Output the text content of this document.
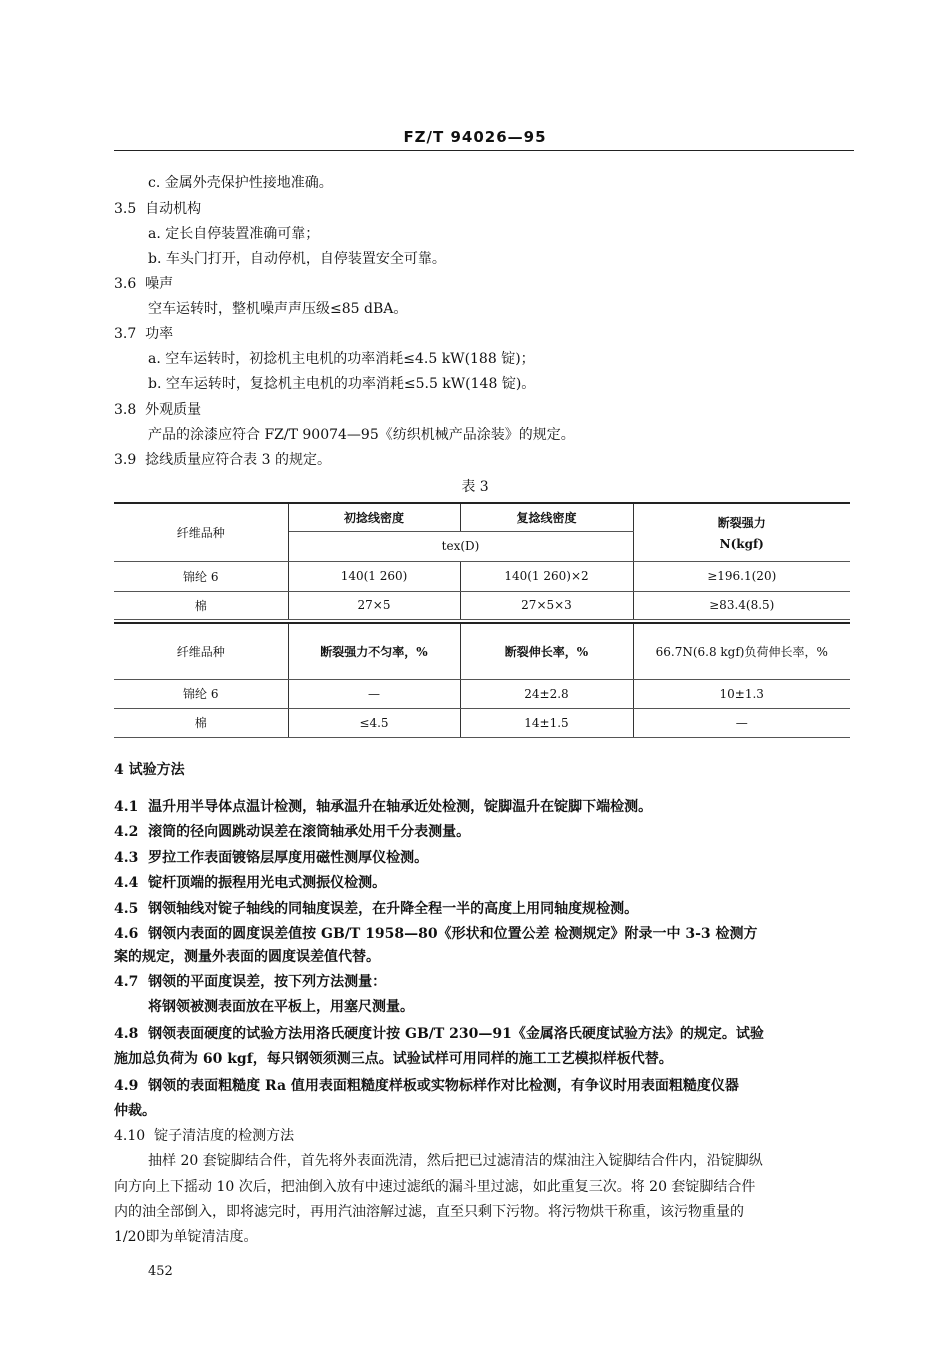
FZ/T 94026—95
c. 金属外壳保护性接地准确。
3.5 自动机构
a. 定长自停装置准确可靠；
b. 车头门打开，自动停机，自停装置安全可靠。
3.6 噪声
空车运转时，整机噪声声压级≤85 dBA。
3.7 功率
a. 空车运转时，初捻机主电机的功率消耗≤4.5 kW(188 锭)；
b. 空车运转时，复捻机主电机的功率消耗≤5.5 kW(148 锭)。
3.8 外观质量
产品的涂漆应符合 FZ/T 90074—95《纺织机械产品涂装》的规定。
3.9 捻线质量应符合表 3 的规定。
表 3
纤维品种	初捻线密度	复捻线密度	断裂强力
N(kgf)

	tex(D)		
锦纶 6	140(1 260)	140(1 260)×2	≥196.1(20)
棉	27×5	27×5×3	≥83.4(8.5)
纤维品种	断裂强力不匀率，%	断裂伸长率，%	66.7N(6.8 kgf)负荷伸长率，%
锦纶 6	—	24±2.8	10±1.3
棉	≤4.5	14±1.5	—
4 试验方法
4.1 温升用半导体点温计检测，轴承温升在轴承近处检测，锭脚温升在锭脚下端检测。
4.2 滚筒的径向圆跳动误差在滚筒轴承处用千分表测量。
4.3 罗拉工作表面镀铬层厚度用磁性测厚仪检测。
4.4 锭杆顶端的振程用光电式测振仪检测。
4.5 钢领轴线对锭子轴线的同轴度误差，在升降全程一半的高度上用同轴度规检测。
4.6 钢领内表面的圆度误差值按 GB/T 1958—80《形状和位置公差 检测规定》附录一中 3-3 检测方
案的规定，测量外表面的圆度误差值代替。
4.7 钢领的平面度误差，按下列方法测量：
将钢领被测表面放在平板上，用塞尺测量。
4.8 钢领表面硬度的试验方法用洛氏硬度计按 GB/T 230—91《金属洛氏硬度试验方法》的规定。试验
施加总负荷为 60 kgf，每只钢领须测三点。试验试样可用同样的施工工艺模拟样板代替。
4.9 钢领的表面粗糙度 Ra 值用表面粗糙度样板或实物标样作对比检测，有争议时用表面粗糙度仪器
仲裁。
4.10 锭子清洁度的检测方法
抽样 20 套锭脚结合件，首先将外表面洗清，然后把已过滤清洁的煤油注入锭脚结合件内，沿锭脚纵
向方向上下摇动 10 次后，把油倒入放有中速过滤纸的漏斗里过滤，如此重复三次。将 20 套锭脚结合件
内的油全部倒入，即将滤完时，再用汽油溶解过滤，直至只剩下污物。将污物烘干称重，该污物重量的
1/20即为单锭清洁度。
452
